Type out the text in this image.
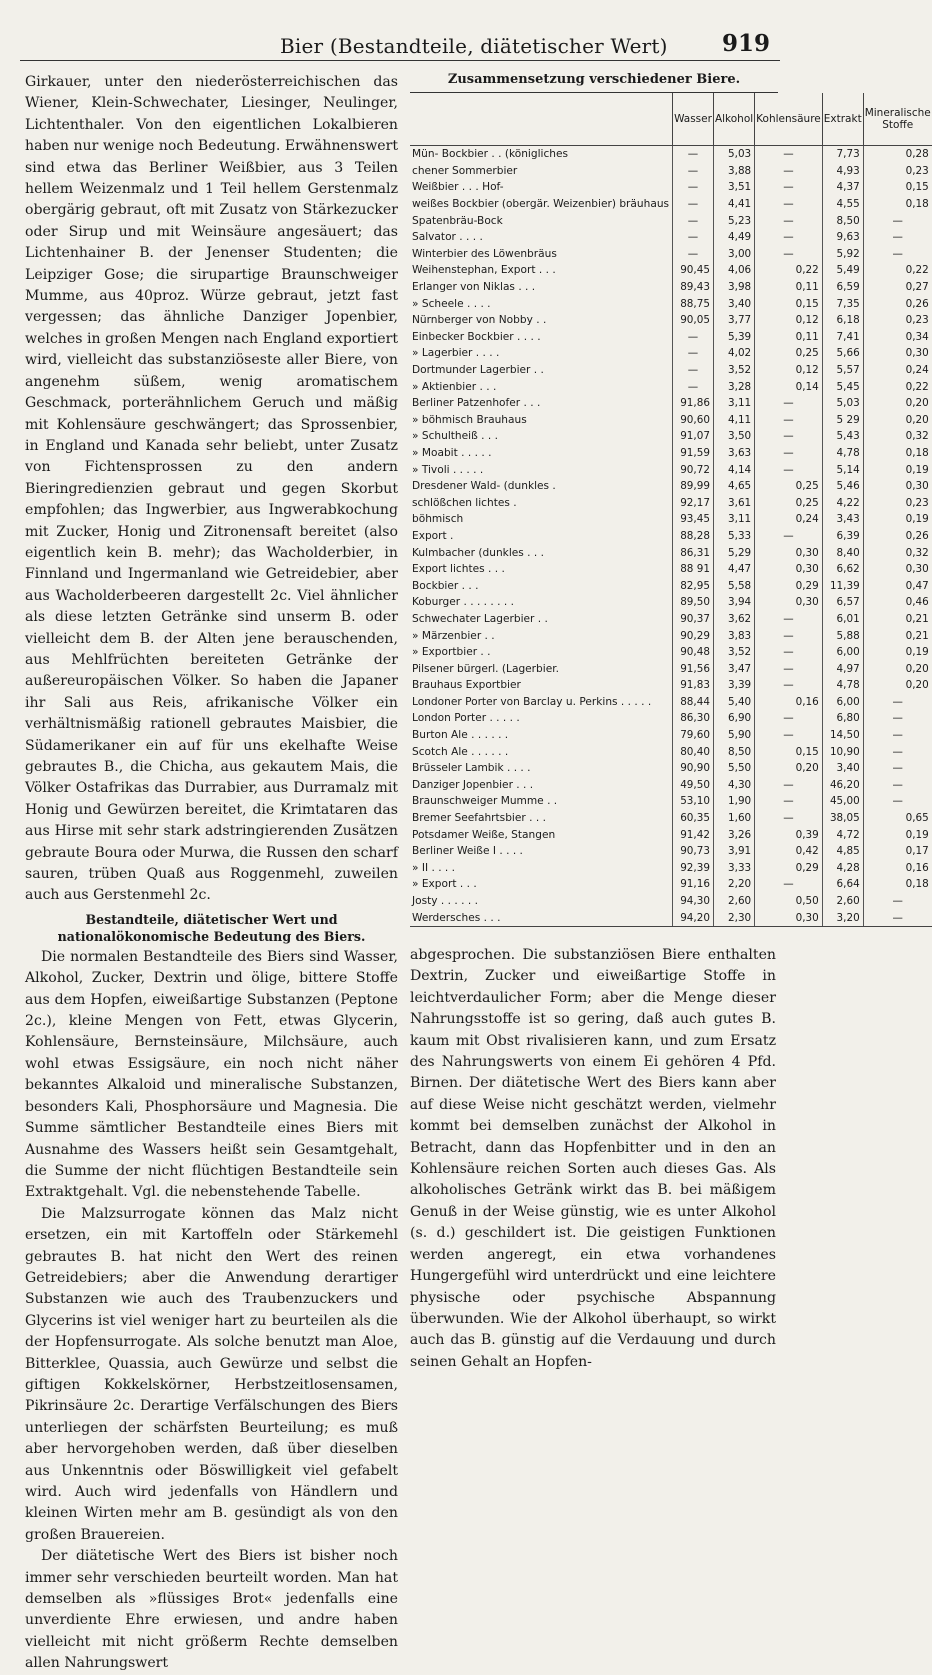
Bier (Bestandteile, diätetischer Wert) 919

Girkauer, unter den niederösterreichischen das Wiener, Klein-Schwechater, Liesinger, Neulinger, Lichtenthaler. Von den eigentlichen Lokalbieren haben nur wenige noch Bedeutung. Erwähnenswert sind etwa das Berliner Weißbier, aus 3 Teilen hellem Weizenmalz und 1 Teil hellem Gerstenmalz obergärig gebraut, oft mit Zusatz von Stärkezucker oder Sirup und mit Weinsäure angesäuert; das Lichtenhainer B. der Jenenser Studenten; die Leipziger Gose; die sirupartige Braunschweiger Mumme, aus 40proz. Würze gebraut, jetzt fast vergessen; das ähnliche Danziger Jopenbier, welches in großen Mengen nach England exportiert wird, vielleicht das substanziöseste aller Biere, von angenehm süßem, wenig aromatischem Geschmack, porterähnlichem Geruch und mäßig mit Kohlensäure geschwängert; das Sprossenbier, in England und Kanada sehr beliebt, unter Zusatz von Fichtensprossen zu den andern Bieringredienzien gebraut und gegen Skorbut empfohlen; das Ingwerbier, aus Ingwerabkochung mit Zucker, Honig und Zitronensaft bereitet (also eigentlich kein B. mehr); das Wacholderbier, in Finnland und Ingermanland wie Getreidebier, aber aus Wacholderbeeren dargestellt 2c. Viel ähnlicher als diese letzten Getränke sind unserm B. oder vielleicht dem B. der Alten jene berauschenden, aus Mehlfrüchten bereiteten Getränke der außereuropäischen Völker. So haben die Japaner ihr Sali aus Reis, afrikanische Völker ein verhältnismäßig rationell gebrautes Maisbier, die Südamerikaner ein auf für uns ekelhafte Weise gebrautes B., die Chicha, aus gekautem Mais, die Völker Ostafrikas das Durrabier, aus Durramalz mit Honig und Gewürzen bereitet, die Krimtataren das aus Hirse mit sehr stark adstringierenden Zusätzen gebraute Boura oder Murwa, die Russen den scharf sauren, trüben Quaß aus Roggenmehl, zuweilen auch aus Gerstenmehl 2c.

Bestandteile, diätetischer Wert und nationalökonomische Bedeutung des Biers.

Die normalen Bestandteile des Biers sind Wasser, Alkohol, Zucker, Dextrin und ölige, bittere Stoffe aus dem Hopfen, eiweißartige Substanzen (Peptone 2c.), kleine Mengen von Fett, etwas Glycerin, Kohlensäure, Bernsteinsäure, Milchsäure, auch wohl etwas Essigsäure, ein noch nicht näher bekanntes Alkaloid und mineralische Substanzen, besonders Kali, Phosphorsäure und Magnesia. Die Summe sämtlicher Bestandteile eines Biers mit Ausnahme des Wassers heißt sein Gesamtgehalt, die Summe der nicht flüchtigen Bestandteile sein Extraktgehalt. Vgl. die nebenstehende Tabelle.

Die Malzsurrogate können das Malz nicht ersetzen, ein mit Kartoffeln oder Stärkemehl gebrautes B. hat nicht den Wert des reinen Getreidebiers; aber die Anwendung derartiger Substanzen wie auch des Traubenzuckers und Glycerins ist viel weniger hart zu beurteilen als die der Hopfensurrogate. Als solche benutzt man Aloe, Bitterklee, Quassia, auch Gewürze und selbst die giftigen Kokkelskörner, Herbstzeitlosensamen, Pikrinsäure 2c. Derartige Verfälschungen des Biers unterliegen der schärfsten Beurteilung; es muß aber hervorgehoben werden, daß über dieselben aus Unkenntnis oder Böswilligkeit viel gefabelt wird. Auch wird jedenfalls von Händlern und kleinen Wirten mehr am B. gesündigt als von den großen Brauereien.

Der diätetische Wert des Biers ist bisher noch immer sehr verschieden beurteilt worden. Man hat demselben als »flüssiges Brot« jedenfalls eine unverdiente Ehre erwiesen, und andre haben vielleicht mit nicht größerm Rechte demselben allen Nahrungswert

Zusammensetzung verschiedener Biere.
	Wasser	Alkohol	Kohlensäure	Extrakt	Mineralische Stoffe
Mün- Bockbier . . (königliches	—	5,03	—	7,73	0,28
chener Sommerbier	—	3,88	—	4,93	0,23
Weißbier . . . Hof-	—	3,51	—	4,37	0,15
weißes Bockbier (obergär. Weizenbier) bräuhaus	—	4,41	—	4,55	0,18
Spatenbräu-Bock	—	5,23	—	8,50	—
Salvator . . . .	—	4,49	—	9,63	—
Winterbier des Löwenbräus	—	3,00	—	5,92	—
Weihenstephan, Export . . .	90,45	4,06	0,22	5,49	0,22
Erlanger von Niklas . . .	89,43	3,98	0,11	6,59	0,27
» Scheele . . . .	88,75	3,40	0,15	7,35	0,26
Nürnberger von Nobby . .	90,05	3,77	0,12	6,18	0,23
Einbecker Bockbier . . . .	—	5,39	0,11	7,41	0,34
» Lagerbier . . . .	—	4,02	0,25	5,66	0,30
Dortmunder Lagerbier . .	—	3,52	0,12	5,57	0,24
» Aktienbier . . .	—	3,28	0,14	5,45	0,22
Berliner Patzenhofer . . .	91,86	3,11	—	5,03	0,20
» böhmisch Brauhaus	90,60	4,11	—	5 29	0,20
» Schultheiß . . .	91,07	3,50	—	5,43	0,32
» Moabit . . . . .	91,59	3,63	—	4,78	0,18
» Tivoli . . . . .	90,72	4,14	—	5,14	0,19
Dresdener Wald- (dunkles .	89,99	4,65	0,25	5,46	0,30
schlößchen lichtes .	92,17	3,61	0,25	4,22	0,23
böhmisch	93,45	3,11	0,24	3,43	0,19
Export .	88,28	5,33	—	6,39	0,26
Kulmbacher (dunkles . . .	86,31	5,29	0,30	8,40	0,32
Export lichtes . . .	88 91	4,47	0,30	6,62	0,30
Bockbier . . .	82,95	5,58	0,29	11,39	0,47
Koburger . . . . . . . .	89,50	3,94	0,30	6,57	0,46
Schwechater Lagerbier . .	90,37	3,62	—	6,01	0,21
» Märzenbier . .	90,29	3,83	—	5,88	0,21
» Exportbier . .	90,48	3,52	—	6,00	0,19
Pilsener bürgerl. (Lagerbier.	91,56	3,47	—	4,97	0,20
Brauhaus Exportbier	91,83	3,39	—	4,78	0,20
Londoner Porter von Barclay u. Perkins . . . . .	88,44	5,40	0,16	6,00	—
London Porter . . . . .	86,30	6,90	—	6,80	—
Burton Ale . . . . . .	79,60	5,90	—	14,50	—
Scotch Ale . . . . . .	80,40	8,50	0,15	10,90	—
Brüsseler Lambik . . . .	90,90	5,50	0,20	3,40	—
Danziger Jopenbier . . .	49,50	4,30	—	46,20	—
Braunschweiger Mumme . .	53,10	1,90	—	45,00	—
Bremer Seefahrtsbier . . .	60,35	1,60	—	38,05	0,65
Potsdamer Weiße, Stangen	91,42	3,26	0,39	4,72	0,19
Berliner Weiße I . . . .	90,73	3,91	0,42	4,85	0,17
» II . . . .	92,39	3,33	0,29	4,28	0,16
» Export . . .	91,16	2,20	—	6,64	0,18
Josty . . . . . .	94,30	2,60	0,50	2,60	—
Werdersches . . .	94,20	2,30	0,30	3,20	—

abgesprochen. Die substanziösen Biere enthalten Dextrin, Zucker und eiweißartige Stoffe in leichtverdaulicher Form; aber die Menge dieser Nahrungsstoffe ist so gering, daß auch gutes B. kaum mit Obst rivalisieren kann, und zum Ersatz des Nahrungswerts von einem Ei gehören 4 Pfd. Birnen. Der diätetische Wert des Biers kann aber auf diese Weise nicht geschätzt werden, vielmehr kommt bei demselben zunächst der Alkohol in Betracht, dann das Hopfenbitter und in den an Kohlensäure reichen Sorten auch dieses Gas. Als alkoholisches Getränk wirkt das B. bei mäßigem Genuß in der Weise günstig, wie es unter Alkohol (s. d.) geschildert ist. Die geistigen Funktionen werden angeregt, ein etwa vorhandenes Hungergefühl wird unterdrückt und eine leichtere physische oder psychische Abspannung überwunden. Wie der Alkohol überhaupt, so wirkt auch das B. günstig auf die Verdauung und durch seinen Gehalt an Hopfen-
